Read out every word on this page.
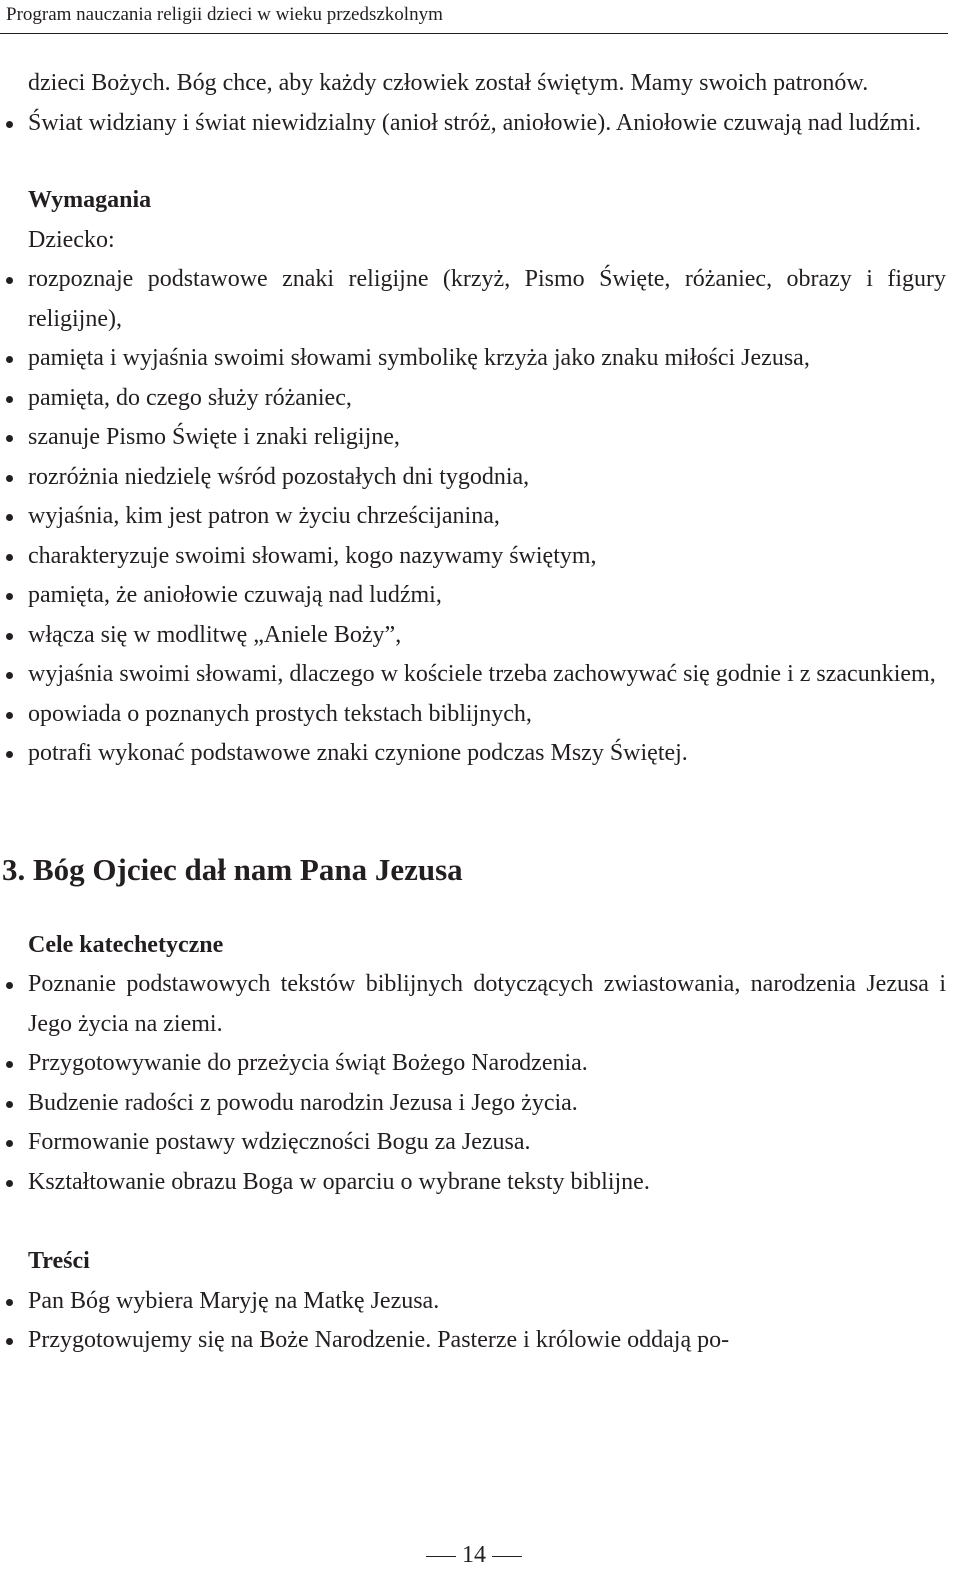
Program nauczania religii dzieci w wieku przedszkolnym

dzieci Bożych. Bóg chce, aby każdy człowiek został świętym. Mamy swoich patronów.

Świat widziany i świat niewidzialny (anioł stróż, aniołowie). Aniołowie czuwają nad ludźmi.

Wymagania

Dziecko:

rozpoznaje podstawowe znaki religijne (krzyż, Pismo Święte, różaniec, obrazy i figury religijne),
pamięta i wyjaśnia swoimi słowami symbolikę krzyża jako znaku miłości Jezusa,
pamięta, do czego służy różaniec,
szanuje Pismo Święte i znaki religijne,
rozróżnia niedzielę wśród pozostałych dni tygodnia,
wyjaśnia, kim jest patron w życiu chrześcijanina,
charakteryzuje swoimi słowami, kogo nazywamy świętym,
pamięta, że aniołowie czuwają nad ludźmi,
włącza się w modlitwę „Aniele Boży”,
wyjaśnia swoimi słowami, dlaczego w kościele trzeba zachowywać się godnie i z szacunkiem,
opowiada o poznanych prostych tekstach biblijnych,
potrafi wykonać podstawowe znaki czynione podczas Mszy Świętej.

3. Bóg Ojciec dał nam Pana Jezusa

Cele katechetyczne

Poznanie podstawowych tekstów biblijnych dotyczących zwiastowania, narodzenia Jezusa i Jego życia na ziemi.
Przygotowywanie do przeżycia świąt Bożego Narodzenia.
Budzenie radości z powodu narodzin Jezusa i Jego życia.
Formowanie postawy wdzięczności Bogu za Jezusa.
Kształtowanie obrazu Boga w oparciu o wybrane teksty biblijne.

Treści

Pan Bóg wybiera Maryję na Matkę Jezusa.
Przygotowujemy się na Boże Narodzenie. Pasterze i królowie oddają po-
14
